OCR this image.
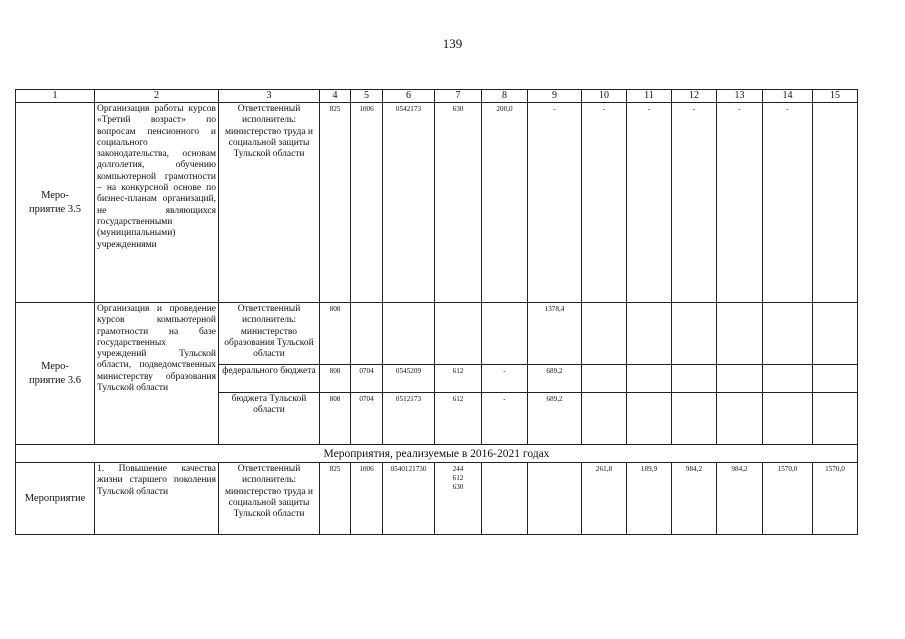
139
1	2	3	4	5	6	7	8	9	10	11	12	13	14	15
Меро-
приятие 3.5	Организация работы курсов «Третий возраст» по вопросам пенсионного и социального законодательства, основам долголетия, обучению компьютерной грамотности – на конкурсной основе по бизнес-планам организаций, не являющихся государственными (муниципальными) учреждениями	Ответственный исполнитель: министерство труда и социальной защиты Тульской области	825	1006	0542173	630	200,0	-	-	-	-	-	-	
Меро-
приятие 3.6	Организация и проведение курсов компьютерной грамотности на базе государственных учреждений Тульской области, подведомственных министерству образования Тульской области	Ответственный исполнитель: министерство образования Тульской области	808					1378,4						
		федерального бюджета	808	0704	0545209	612	-	689,2						
		бюджета Тульской области	808	0704	0512173	612	-	689,2						
Мероприятия, реализуемые в 2016-2021 годах														
Мероприятие	1. Повышение качества жизни старшего поколения Тульской области	Ответственный исполнитель: министерство труда и социальной защиты Тульской области	825	1006	0540121730	244
612
630			261,8	189,9	984,2	984,2	1570,0	1570,0
